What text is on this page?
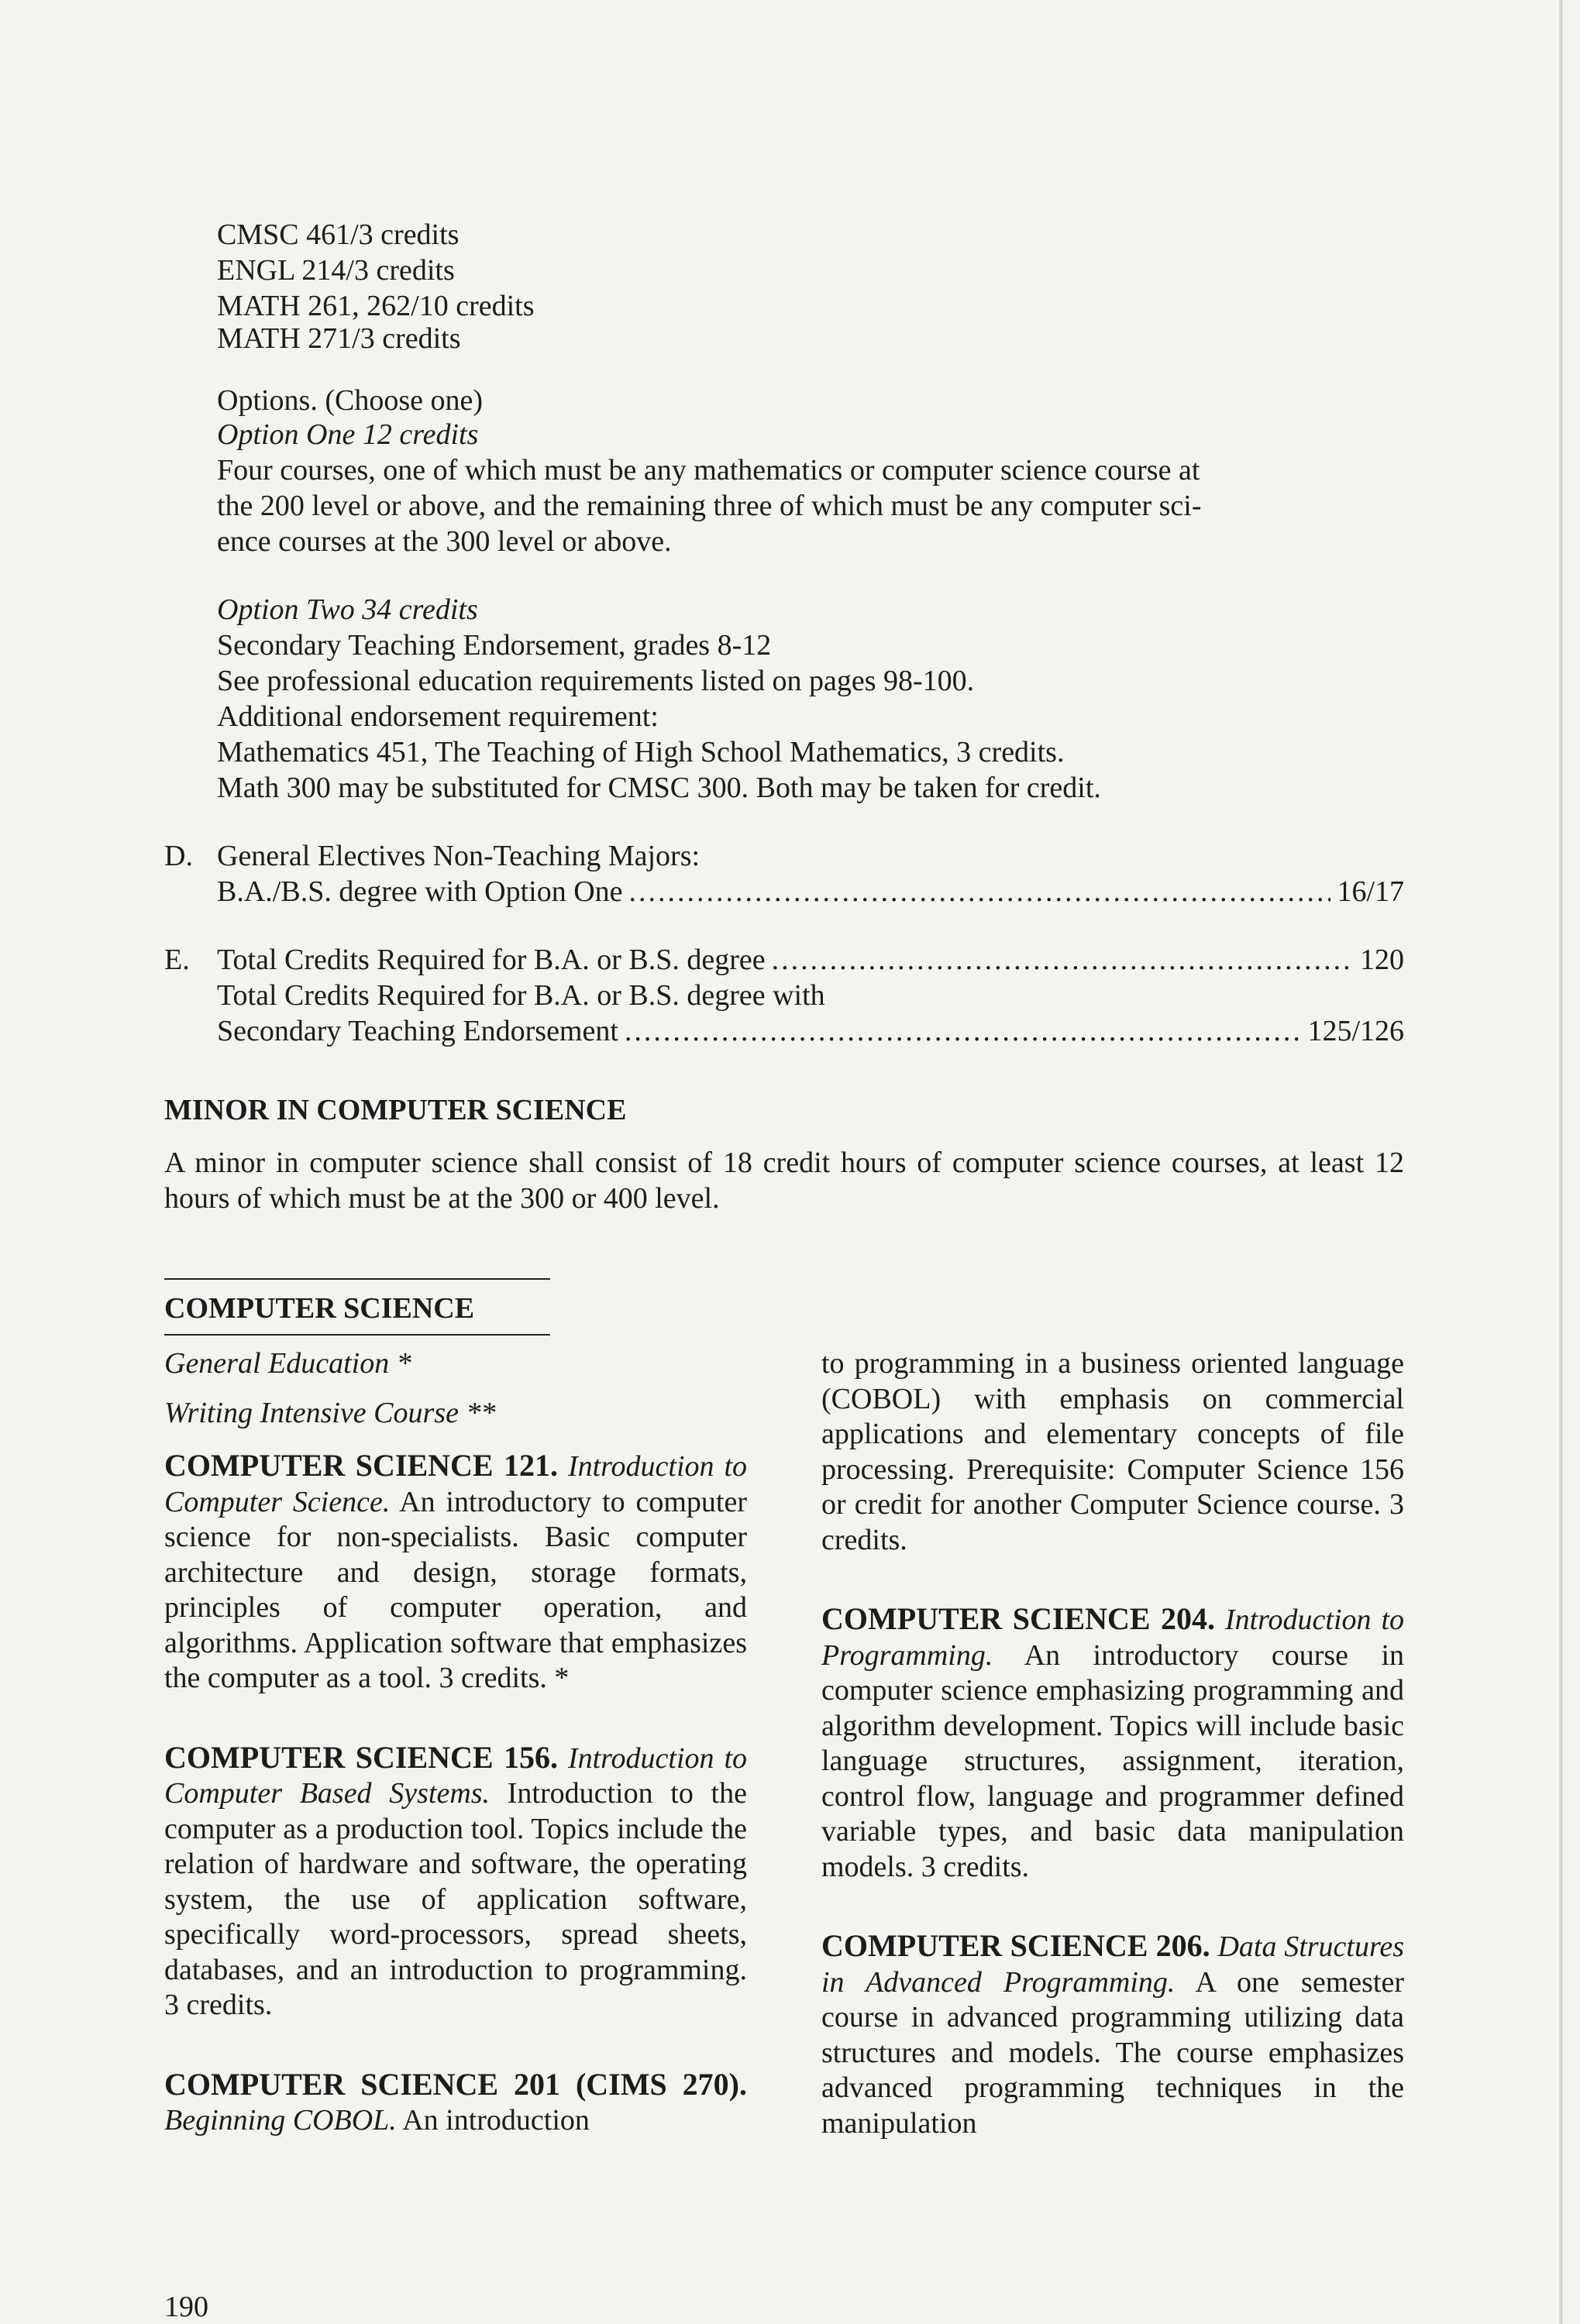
CMSC 461/3 credits
ENGL 214/3 credits
MATH 261, 262/10 credits
MATH 271/3 credits
Options. (Choose one)
Option One 12 credits
Four courses, one of which must be any mathematics or computer science course at
the 200 level or above, and the remaining three of which must be any computer sci-
ence courses at the 300 level or above.
Option Two 34 credits
Secondary Teaching Endorsement, grades 8-12
See professional education requirements listed on pages 98-100.
Additional endorsement requirement:
Mathematics 451, The Teaching of High School Mathematics, 3 credits.
Math 300 may be substituted for CMSC 300. Both may be taken for credit.
D. General Electives Non-Teaching Majors:
B.A./B.S. degree with Option One .....	16/17
E. Total Credits Required for B.A. or B.S. degree .....	120
Total Credits Required for B.A. or B.S. degree with
Secondary Teaching Endorsement .....	125/126
MINOR IN COMPUTER SCIENCE
A minor in computer science shall consist of 18 credit hours of computer science courses, at least 12 hours of which must be at the 300 or 400 level.
COMPUTER SCIENCE

General Education *

Writing Intensive Course **

COMPUTER SCIENCE 121. Introduction to Computer Science. An introductory to computer science for non-specialists. Basic computer architecture and design, storage formats, principles of computer operation, and algorithms. Application software that emphasizes the computer as a tool. 3 credits. *

COMPUTER SCIENCE 156. Introduction to Computer Based Systems. Introduction to the computer as a production tool. Topics include the relation of hardware and software, the operating system, the use of application software, specifically word-processors, spread sheets, databases, and an introduction to programming. 3 credits.

COMPUTER SCIENCE 201 (CIMS 270). Beginning COBOL. An introduction

to programming in a business oriented language (COBOL) with emphasis on commercial applications and elementary concepts of file processing. Prerequisite: Computer Science 156 or credit for another Computer Science course. 3 credits.

COMPUTER SCIENCE 204. Introduction to Programming. An introductory course in computer science emphasizing programming and algorithm development. Topics will include basic language structures, assignment, iteration, control flow, language and programmer defined variable types, and basic data manipulation models. 3 credits.

COMPUTER SCIENCE 206. Data Structures in Advanced Programming. A one semester course in advanced programming utilizing data structures and models. The course emphasizes advanced programming techniques in the manipulation

190
